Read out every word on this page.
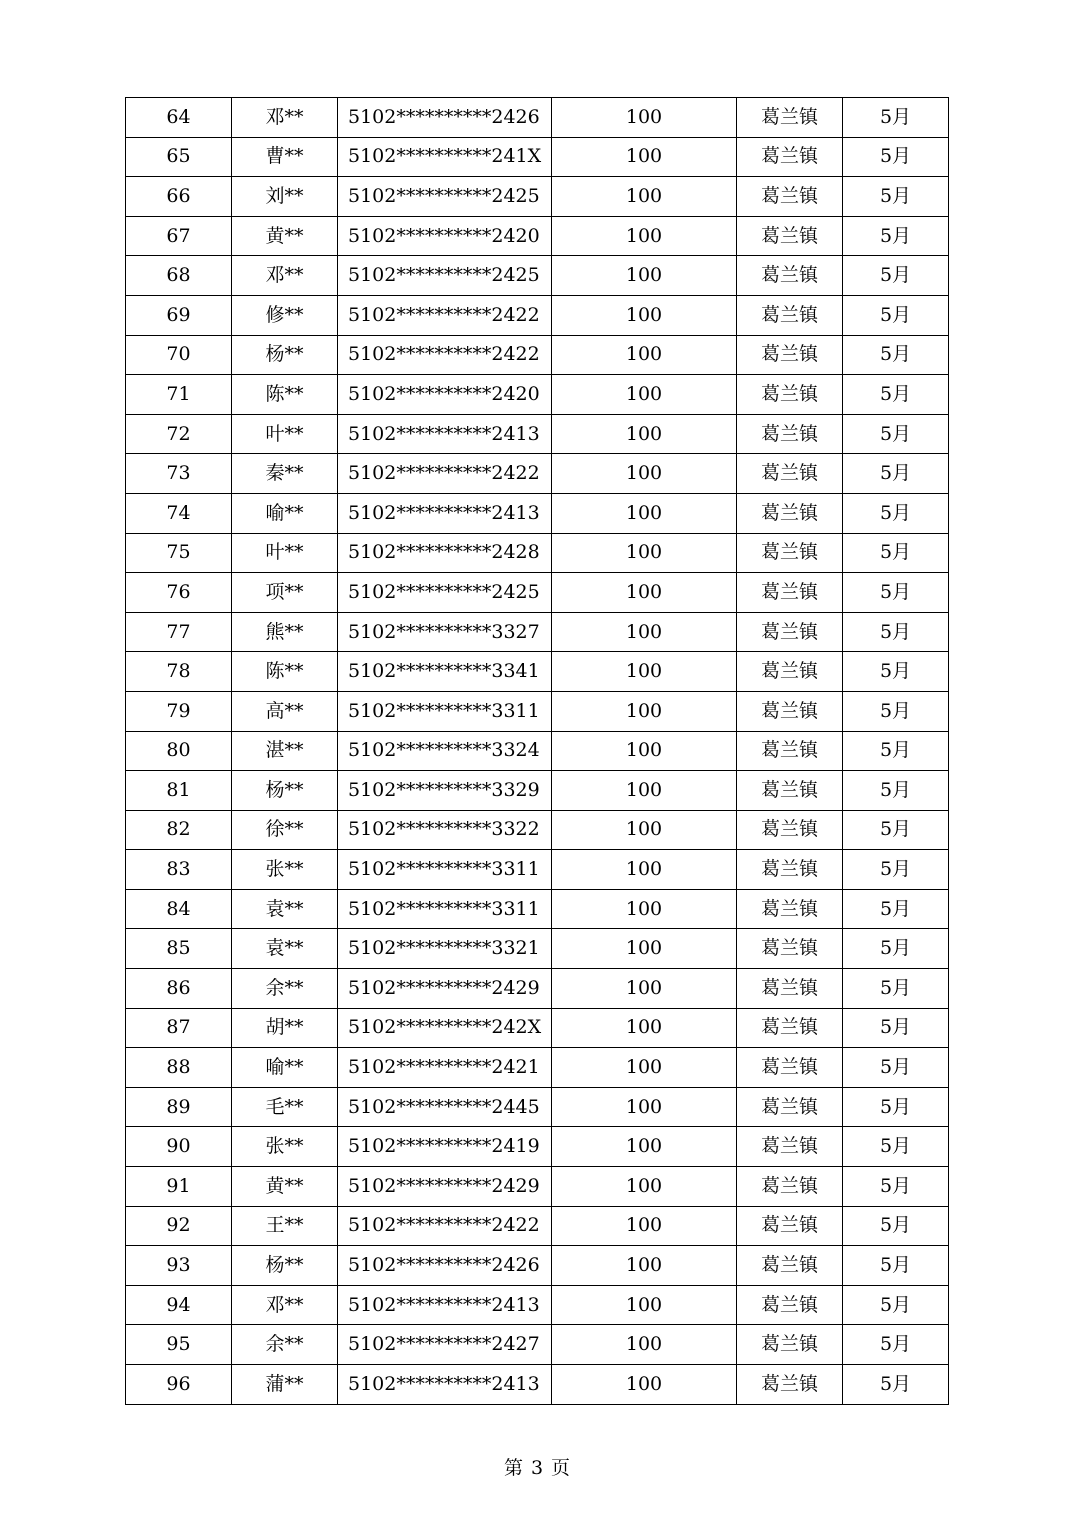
64	邓**	5102**********2426	100	葛兰镇	5月
65	曹**	5102**********241X	100	葛兰镇	5月
66	刘**	5102**********2425	100	葛兰镇	5月
67	黄**	5102**********2420	100	葛兰镇	5月
68	邓**	5102**********2425	100	葛兰镇	5月
69	修**	5102**********2422	100	葛兰镇	5月
70	杨**	5102**********2422	100	葛兰镇	5月
71	陈**	5102**********2420	100	葛兰镇	5月
72	叶**	5102**********2413	100	葛兰镇	5月
73	秦**	5102**********2422	100	葛兰镇	5月
74	喻**	5102**********2413	100	葛兰镇	5月
75	叶**	5102**********2428	100	葛兰镇	5月
76	项**	5102**********2425	100	葛兰镇	5月
77	熊**	5102**********3327	100	葛兰镇	5月
78	陈**	5102**********3341	100	葛兰镇	5月
79	高**	5102**********3311	100	葛兰镇	5月
80	湛**	5102**********3324	100	葛兰镇	5月
81	杨**	5102**********3329	100	葛兰镇	5月
82	徐**	5102**********3322	100	葛兰镇	5月
83	张**	5102**********3311	100	葛兰镇	5月
84	袁**	5102**********3311	100	葛兰镇	5月
85	袁**	5102**********3321	100	葛兰镇	5月
86	余**	5102**********2429	100	葛兰镇	5月
87	胡**	5102**********242X	100	葛兰镇	5月
88	喻**	5102**********2421	100	葛兰镇	5月
89	毛**	5102**********2445	100	葛兰镇	5月
90	张**	5102**********2419	100	葛兰镇	5月
91	黄**	5102**********2429	100	葛兰镇	5月
92	王**	5102**********2422	100	葛兰镇	5月
93	杨**	5102**********2426	100	葛兰镇	5月
94	邓**	5102**********2413	100	葛兰镇	5月
95	余**	5102**********2427	100	葛兰镇	5月
96	蒲**	5102**********2413	100	葛兰镇	5月
第 3 页
